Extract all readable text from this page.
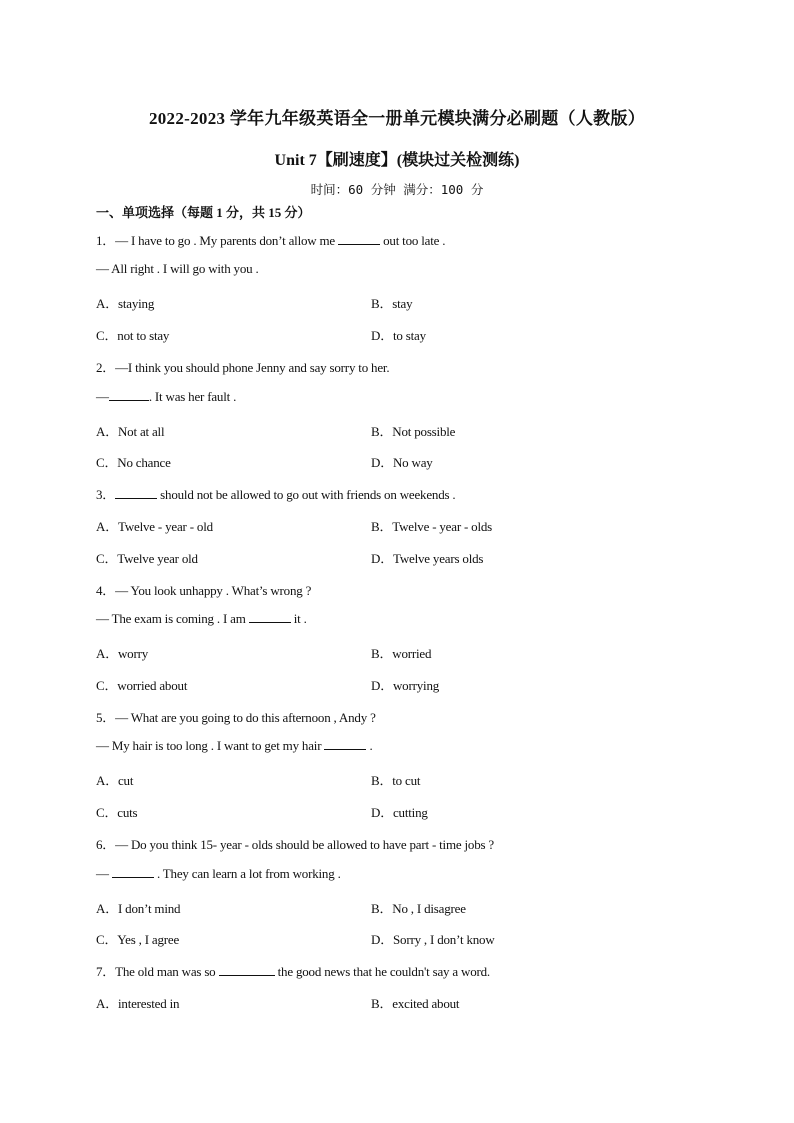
2022-2023 学年九年级英语全一册单元模块满分必刷题（人教版）
Unit 7【刷速度】(模块过关检测练)
时间：60 分钟 满分：100 分
一、单项选择（每题 1 分，共 15 分）
1．— I have to go . My parents don’t allow me	out too late .
— All right . I will go with you .
A．staying	B．stay
C．not to stay	D．to stay
2．—I think you should phone Jenny and say sorry to her.
—	. It was her fault .
A．Not at all	B．Not possible
C．No chance	D．No way
3．	should not be allowed to go out with friends on weekends .
A．Twelve - year - old	B．Twelve - year - olds
C．Twelve year old	D．Twelve years olds
4．— You look unhappy . What’s wrong ?
— The exam is coming . I am	it .
A．worry	B．worried
C．worried about	D．worrying
5．— What are you going to do this afternoon , Andy ?
— My hair is too long . I want to get my hair	.
A．cut	B．to cut
C．cuts	D．cutting
6．— Do you think 15- year - olds should be allowed to have part - time jobs ?
—	. They can learn a lot from working .
A．I don’t mind	B．No , I disagree
C．Yes , I agree	D．Sorry , I don’t know
7．The old man was so	the good news that he couldn't say a word.
A．interested in	B．excited about
